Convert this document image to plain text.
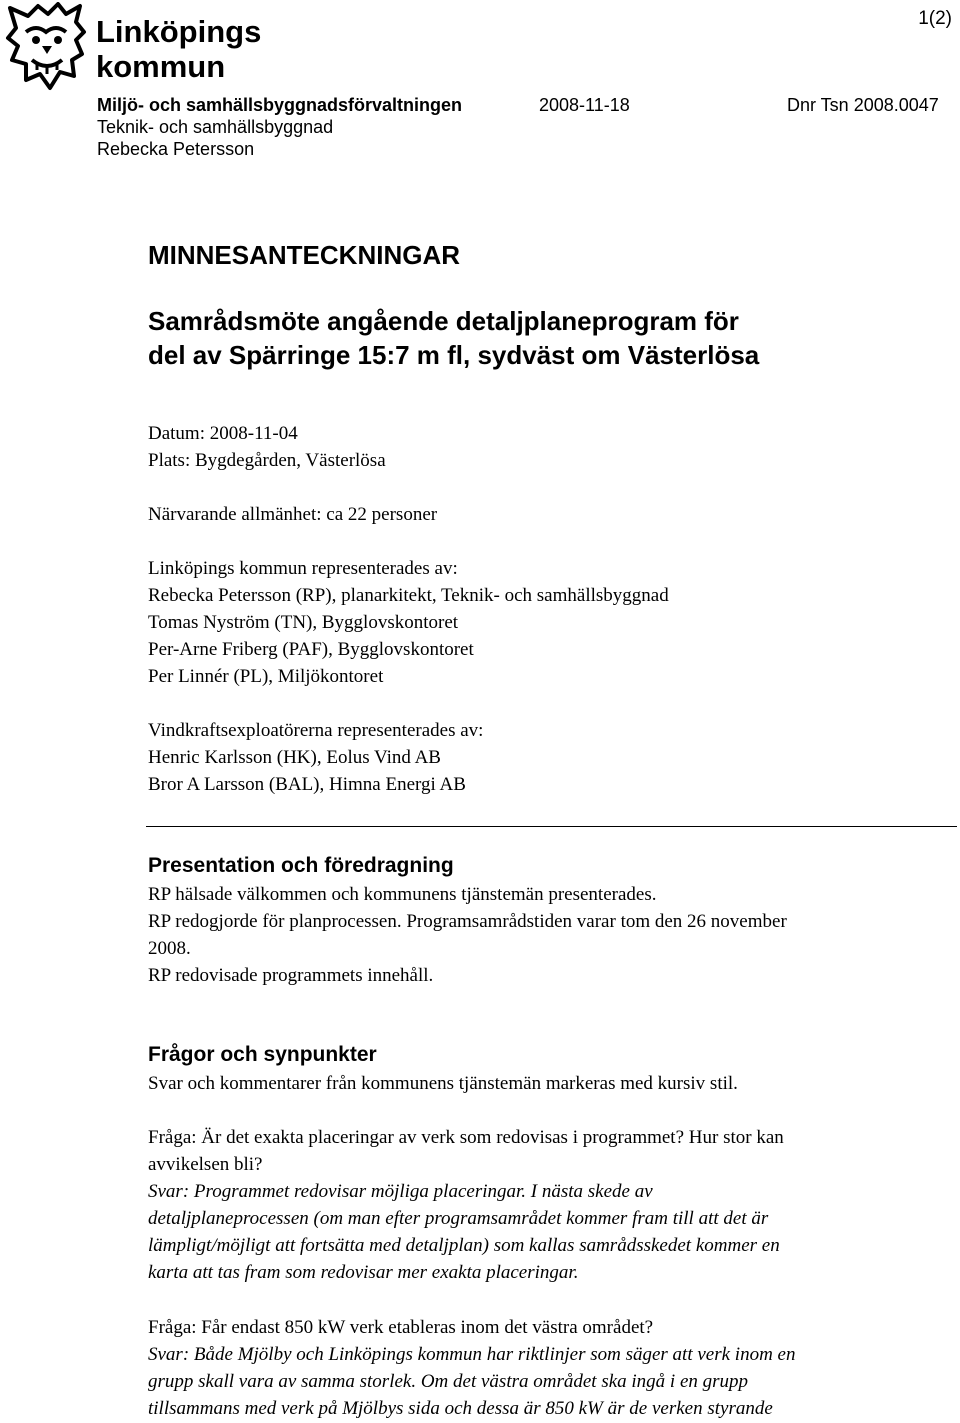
Linköpings
kommun
1(2)
Miljö- och samhällsbyggnadsförvaltningen	2008-11-18	Dnr Tsn 2008.0047
Teknik- och samhällsbyggnad
Rebecka Petersson
MINNESANTECKNINGAR
Samrådsmöte angående detaljplaneprogram för
del av Spärringe 15:7 m fl, sydväst om Västerlösa
Datum: 2008-11-04
Plats: Bygdegården, Västerlösa
Närvarande allmänhet: ca 22 personer
Linköpings kommun representerades av:
Rebecka Petersson (RP), planarkitekt, Teknik- och samhällsbyggnad
Tomas Nyström (TN), Bygglovskontoret
Per-Arne Friberg (PAF), Bygglovskontoret
Per Linnér (PL), Miljökontoret
Vindkraftsexploatörerna representerades av:
Henric Karlsson (HK), Eolus Vind AB
Bror A Larsson (BAL), Himna Energi AB
Presentation och föredragning
RP hälsade välkommen och kommunens tjänstemän presenterades.
RP redogjorde för planprocessen. Programsamrådstiden varar tom den 26 november
2008.
RP redovisade programmets innehåll.
Frågor och synpunkter
Svar och kommentarer från kommunens tjänstemän markeras med kursiv stil.
Fråga: Är det exakta placeringar av verk som redovisas i programmet? Hur stor kan
avvikelsen bli?
Svar: Programmet redovisar möjliga placeringar. I nästa skede av
detaljplaneprocessen (om man efter programsamrådet kommer fram till att det är
lämpligt/möjligt att fortsätta med detaljplan) som kallas samrådsskedet kommer en
karta att tas fram som redovisar mer exakta placeringar.
Fråga: Får endast 850 kW verk etableras inom det västra området?
Svar: Både Mjölby och Linköpings kommun har riktlinjer som säger att verk inom en
grupp skall vara av samma storlek. Om det västra området ska ingå i en grupp
tillsammans med verk på Mjölbys sida och dessa är 850 kW är de verken styrande
